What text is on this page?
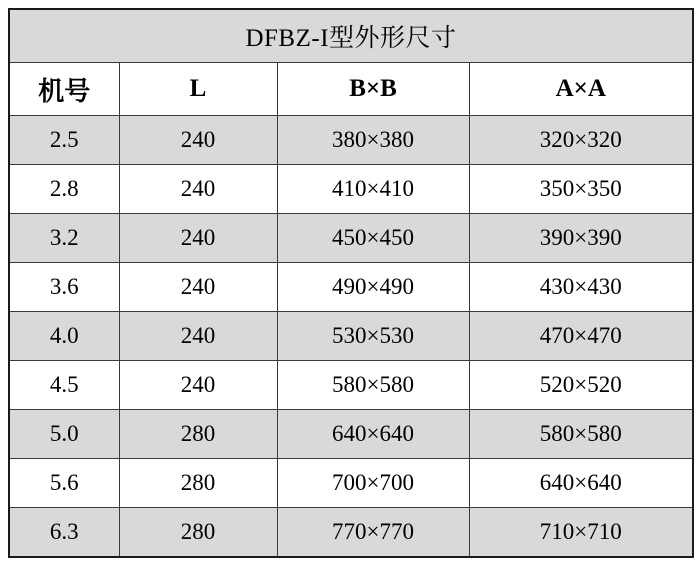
DFBZ-I型外形尺寸			
机号	L	B×B	A×A
2.5	240	380×380	320×320
2.8	240	410×410	350×350
3.2	240	450×450	390×390
3.6	240	490×490	430×430
4.0	240	530×530	470×470
4.5	240	580×580	520×520
5.0	280	640×640	580×580
5.6	280	700×700	640×640
6.3	280	770×770	710×710
